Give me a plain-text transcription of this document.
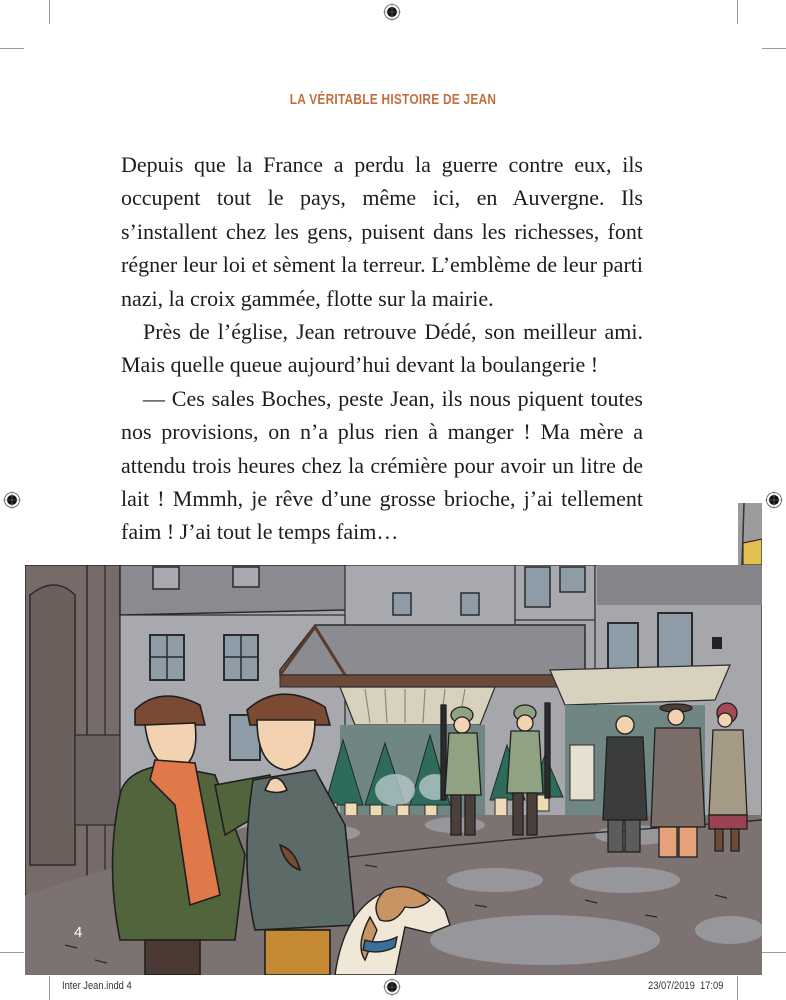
LA VÉRITABLE HISTOIRE DE JEAN

Depuis que la France a perdu la guerre contre eux, ils occupent tout le pays, même ici, en Auvergne. Ils s’installent chez les gens, puisent dans les richesses, font régner leur loi et sèment la terreur. L’emblème de leur parti nazi, la croix gammée, flotte sur la mairie.

Près de l’église, Jean retrouve Dédé, son meilleur ami. Mais quelle queue aujourd’hui devant la boulangerie !

— Ces sales Boches, peste Jean, ils nous piquent toutes nos provisions, on n’a plus rien à manger ! Ma mère a attendu trois heures chez la crémière pour avoir un litre de lait ! Mmmh, je rêve d’une grosse brioche, j’ai tellement faim ! J’ai tout le temps faim…

4
Inter Jean.indd 4	23/07/2019 17:09
